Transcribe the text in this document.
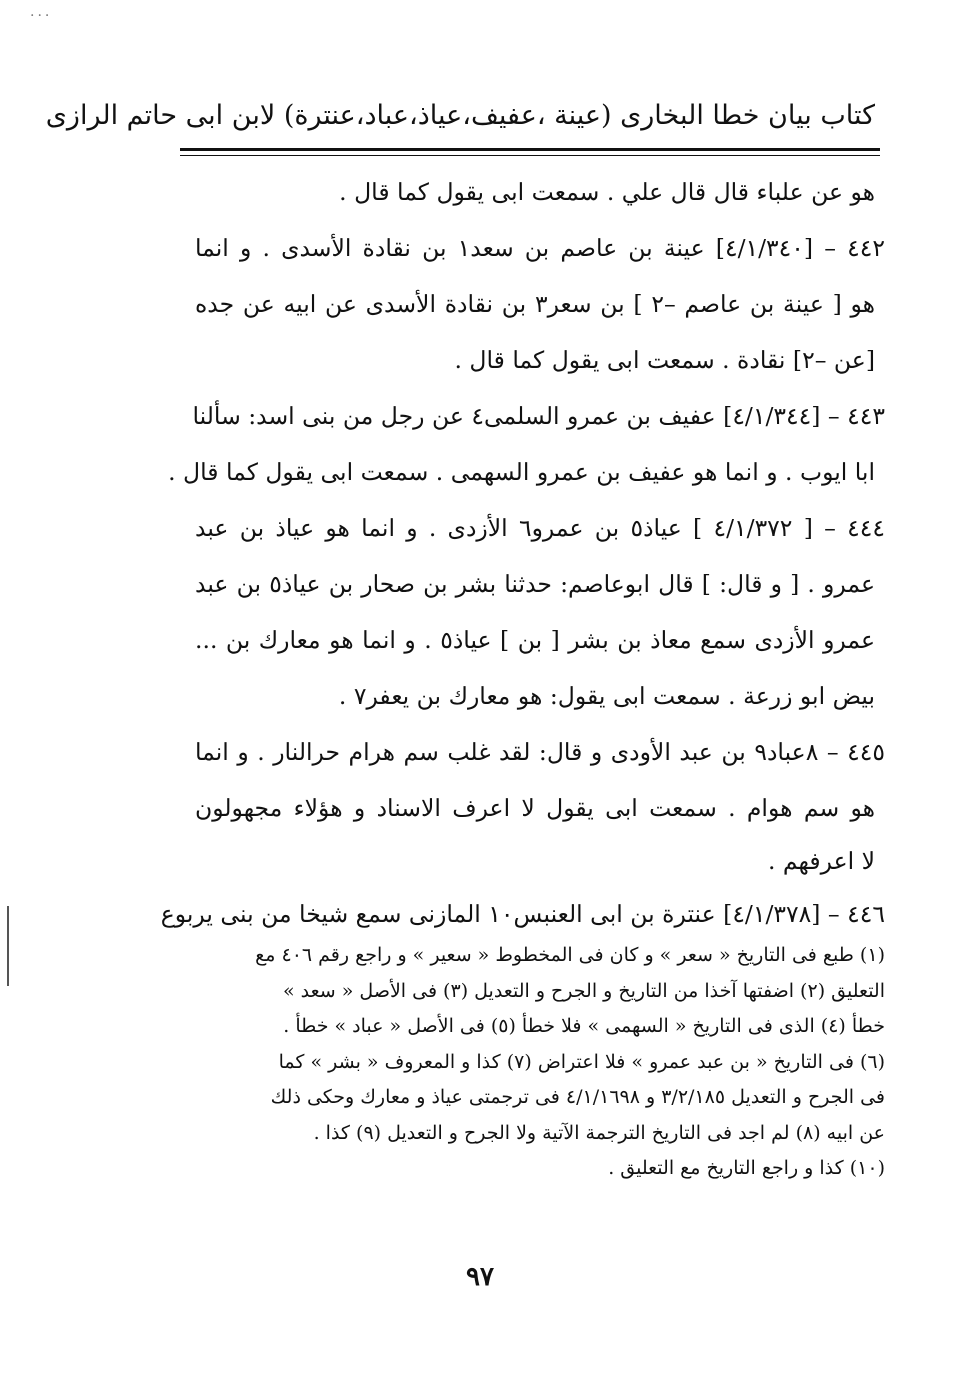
...
كتاب بيان خطا البخارى (عينة ،عفيف،عياذ،عباد،عنترة) لابن ابى حاتم الرازى
هو عن علباء قال قال علي . سمعت ابى يقول كما قال .
٤٤٢ – [٤/١/٣٤٠] عينة بن عاصم بن سعد١ بن نقادة الأسدى . و انما
هو [ عينة بن عاصم –٢ ] بن سعر٣ بن نقادة الأسدى عن ابيه عن جده
[عن –٢] نقادة . سمعت ابى يقول كما قال .
٤٤٣ – [٤/١/٣٤٤] عفيف بن عمرو السلمى٤ عن رجل من بنى اسد: سألنا
ابا ايوب . و انما هو عفيف بن عمرو السهمى . سمعت ابى يقول كما قال .
٤٤٤ – [ ٤/١/٣٧٢ ] عياذ٥ بن عمرو٦ الأزدى . و انما هو عياذ بن عبد
عمرو . [ و قال: ] قال ابوعاصم: حدثنا بشر بن صحار بن عياذ٥ بن عبد
عمرو الأزدى سمع معاذ بن بشر [ بن ] عياذ٥ . و انما هو معارك بن ...
بيض ابو زرعة . سمعت ابى يقول: هو معارك بن يعفر٧ .
٤٤٥ – ٨عباد٩ بن عبد الأودى و قال: لقد غلب سم هرام حرالنار . و انما
هو سم هوام . سمعت ابى يقول لا اعرف الاسناد و هؤلاء مجهولون
لا اعرفهم .
٤٤٦ – [٤/١/٣٧٨] عنترة بن ابى العنبس١٠ المازنى سمع شيخا من بنى يربوع
(١) طبع فى التاريخ « سعر » و كان فى المخطوط « سعير » و راجع رقم ٤٠٦ مع
التعليق (٢) اضفتها آخذا من التاريخ و الجرح و التعديل (٣) فى الأصل « سعد »
خطأ (٤) الذى فى التاريخ « السهمى » فلا خطأ (٥) فى الأصل « عباد » خطأ .
(٦) فى التاريخ « بن عبد عمرو » فلا اعتراض (٧) كذا و المعروف « بشر » كما
فى الجرح و التعديل ٣/٢/١٨٥ و ٤/١/١٦٩٨ فى ترجمتى عياذ و معارك وحكى ذلك
عن ابيه (٨) لم اجد فى التاريخ الترجمة الآتية ولا الجرح و التعديل (٩) كذا .
(١٠) كذا و راجع التاريخ مع التعليق .
٩٧
